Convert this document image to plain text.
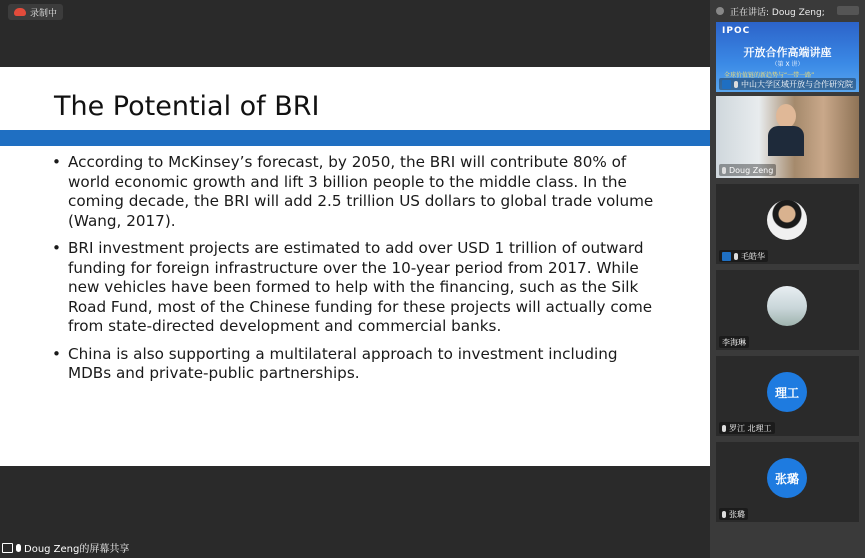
录制中
The Potential of BRI
• According to McKinsey’s forecast, by 2050, the BRI will contribute 80% of world economic growth and lift 3 billion people to the middle class. In the coming decade, the BRI will add 2.5 trillion US dollars to global trade volume (Wang, 2017).
• BRI investment projects are estimated to add over USD 1 trillion of outward funding for foreign infrastructure over the 10-year period from 2017. While new vehicles have been formed to help with the financing, such as the Silk Road Fund, most of the Chinese funding for these projects will actually come from state-directed development and commercial banks.
• China is also supporting a multilateral approach to investment including MDBs and private-public partnerships.
Doug Zeng的屏幕共享
正在讲话: Doug Zeng;
IPOC
开放合作高端讲座
（第 X 讲）
全球价值链的新趋势与“一带一路”
中山大学区域开放与合作研究院
Doug Zeng
毛皓华
李海琳
理工
罗江 北理工
张璐
张璐
